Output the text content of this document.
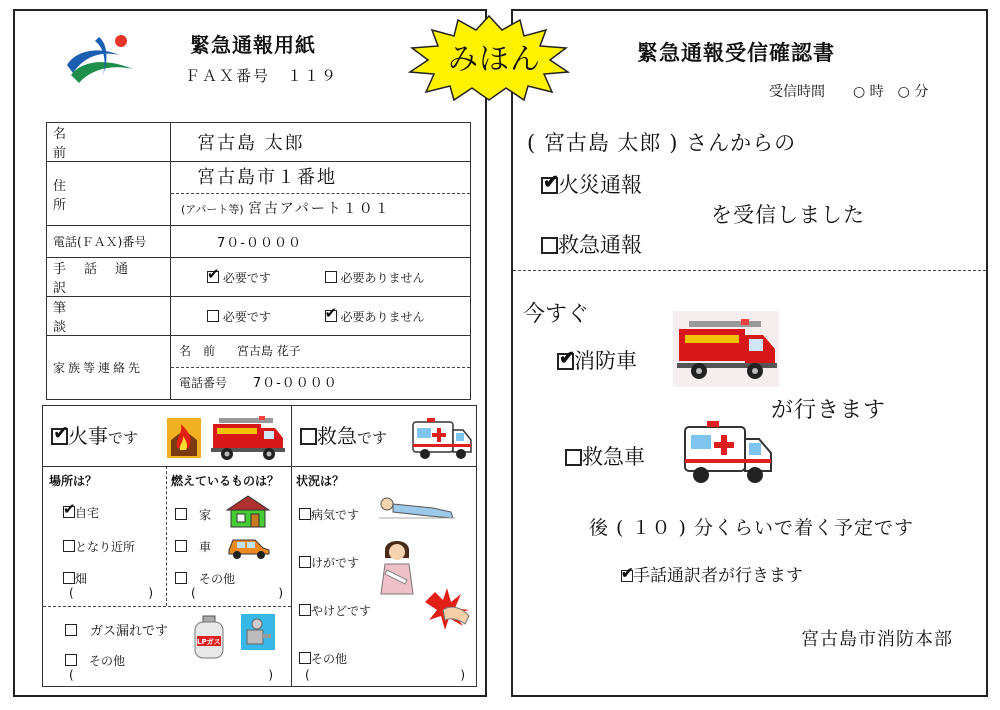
緊急通報用紙
ＦＡＸ番号　１１９
名前	宮古島 太郎
住所	宮古島市１番地
(アパート等) 宮古アパート１０１

電話(ＦＡＸ)番号	7０-００００
手話通訳	✔ 必要です 必要ありません
筆談	必要です ✔ 必要ありません
家族等連絡先	名　前 宮古島 花子
電話番号 7０-００００
✔火事です	救急です
場所は？
✔自宅
となり近所
畑
(	)
燃えているものは？
　家
　車
　その他
(	)
　ガス漏れです
　その他
(	)
LPガス
状況は？
病気です
けがです
やけどです
その他
(	)
緊急通報受信確認書
受信時間　　○ 時　○ 分
( 宮古島 太郎 ) さんからの
✔火災通報
を受信しました
救急通報
今すぐ
✔消防車
が行きます
救急車
後 ( １０ ) 分くらいで着く予定です
✔手話通訳者が行きます
宮古島市消防本部
みほん
